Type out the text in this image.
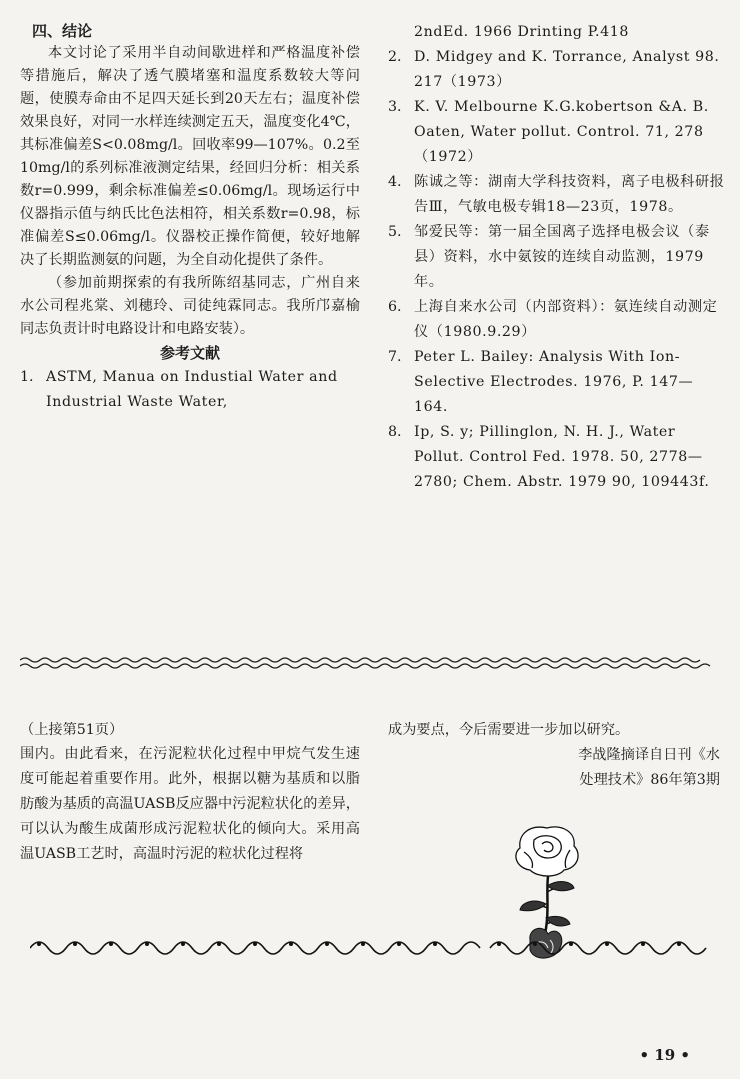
四、结论

本文讨论了采用半自动间歇进样和严格温度补偿等措施后，解决了透气膜堵塞和温度系数较大等问题，使膜寿命由不足四天延长到20天左右；温度补偿效果良好，对同一水样连续测定五天，温度变化4℃，其标准偏差S<0.08mg/l。回收率99—107%。0.2至10mg/l的系列标准液测定结果，经回归分析：相关系数r=0.999，剩余标准偏差≤0.06mg/l。现场运行中仪器指示值与纳氏比色法相符，相关系数r=0.98，标准偏差S≤0.06mg/l。仪器校正操作简便，较好地解决了长期监测氨的问题，为全自动化提供了条件。

（参加前期探索的有我所陈绍基同志，广州自来水公司程兆棠、刘穗玲、司徒纯霖同志。我所邝嘉榆同志负责计时电路设计和电路安装）。

参考文献
1. ASTM, Manua on Industial Water and Industrial Waste Water,
2ndEd. 1966 Drinting P.418
2. D. Midgey and K. Torrance, Analyst 98. 217（1973）
3. K. V. Melbourne K.G.kobertson &A. B. Oaten, Water pollut. Control. 71, 278（1972）
4. 陈诚之等：湖南大学科技资料，离子电极科研报告Ⅲ，气敏电极专辑18—23页，1978。
5. 邹爱民等：第一届全国离子选择电极会议（泰县）资料，水中氨铵的连续自动监测，1979年。
6. 上海自来水公司（内部资料）：氨连续自动测定仪（1980.9.29）
7. Peter L. Bailey: Analysis With Ion-Selective Electrodes. 1976, P. 147—164.
8. Ip, S. y; Pillinglon, N. H. J., Water Pollut. Control Fed. 1978. 50, 2778—2780; Chem. Abstr. 1979 90, 109443f.
（上接第51页）

围内。由此看来，在污泥粒状化过程中甲烷气发生速度可能起着重要作用。此外，根据以糖为基质和以脂肪酸为基质的高温UASB反应器中污泥粒状化的差异，可以认为酸生成菌形成污泥粒状化的倾向大。采用高温UASB工艺时，高温时污泥的粒状化过程将

成为要点，今后需要进一步加以研究。

李战隆摘译自日刊《水

处理技术》86年第3期

• 19 •
